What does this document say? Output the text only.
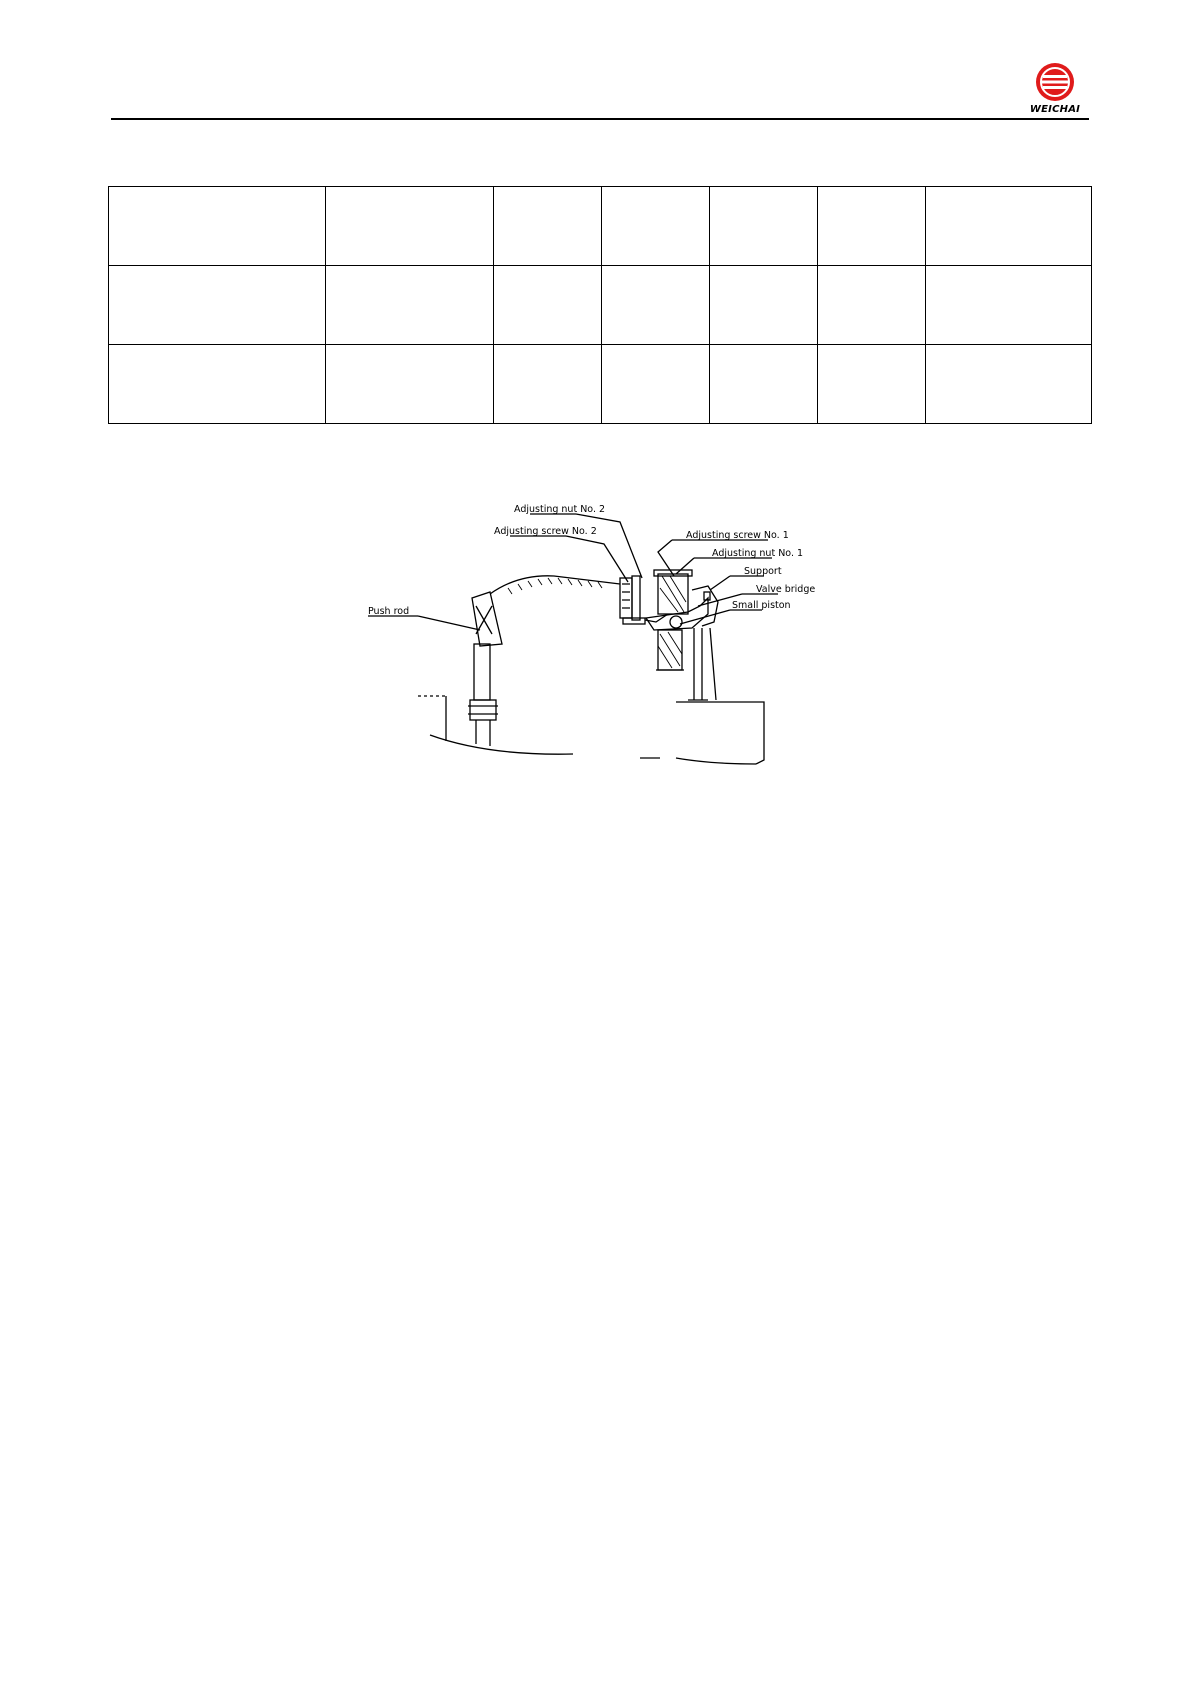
WEICHAI

Adjusting nut No. 2
Adjusting screw No. 2	Adjusting screw No. 1
Adjusting nut No. 1
Support
Valve bridge
Small piston
Push rod
